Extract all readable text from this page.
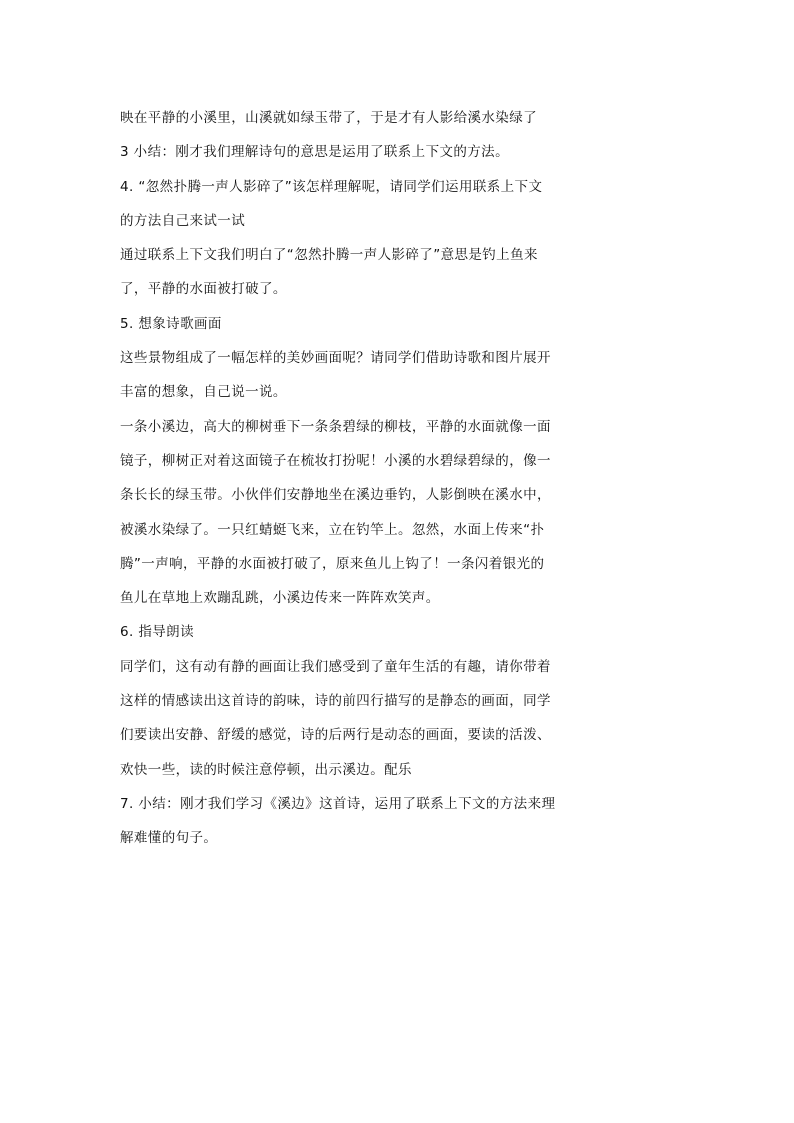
映在平静的小溪里，山溪就如绿玉带了，于是才有人影给溪水染绿了
3 小结：刚才我们理解诗句的意思是运用了联系上下文的方法。
4. “忽然扑腾一声人影碎了”该怎样理解呢，请同学们运用联系上下文
的方法自己来试一试
通过联系上下文我们明白了“忽然扑腾一声人影碎了”意思是钓上鱼来
了，平静的水面被打破了。
5. 想象诗歌画面
这些景物组成了一幅怎样的美妙画面呢？请同学们借助诗歌和图片展开
丰富的想象，自己说一说。
一条小溪边，高大的柳树垂下一条条碧绿的柳枝，平静的水面就像一面
镜子，柳树正对着这面镜子在梳妆打扮呢！小溪的水碧绿碧绿的，像一
条长长的绿玉带。小伙伴们安静地坐在溪边垂钓，人影倒映在溪水中，
被溪水染绿了。一只红蜻蜓飞来，立在钓竿上。忽然，水面上传来“扑
腾”一声响，平静的水面被打破了，原来鱼儿上钩了！一条闪着银光的
鱼儿在草地上欢蹦乱跳，小溪边传来一阵阵欢笑声。
6. 指导朗读
同学们，这有动有静的画面让我们感受到了童年生活的有趣，请你带着
这样的情感读出这首诗的韵味，诗的前四行描写的是静态的画面，同学
们要读出安静、舒缓的感觉，诗的后两行是动态的画面，要读的活泼、
欢快一些，读的时候注意停顿，出示溪边。配乐
7. 小结：刚才我们学习《溪边》这首诗，运用了联系上下文的方法来理
解难懂的句子。
